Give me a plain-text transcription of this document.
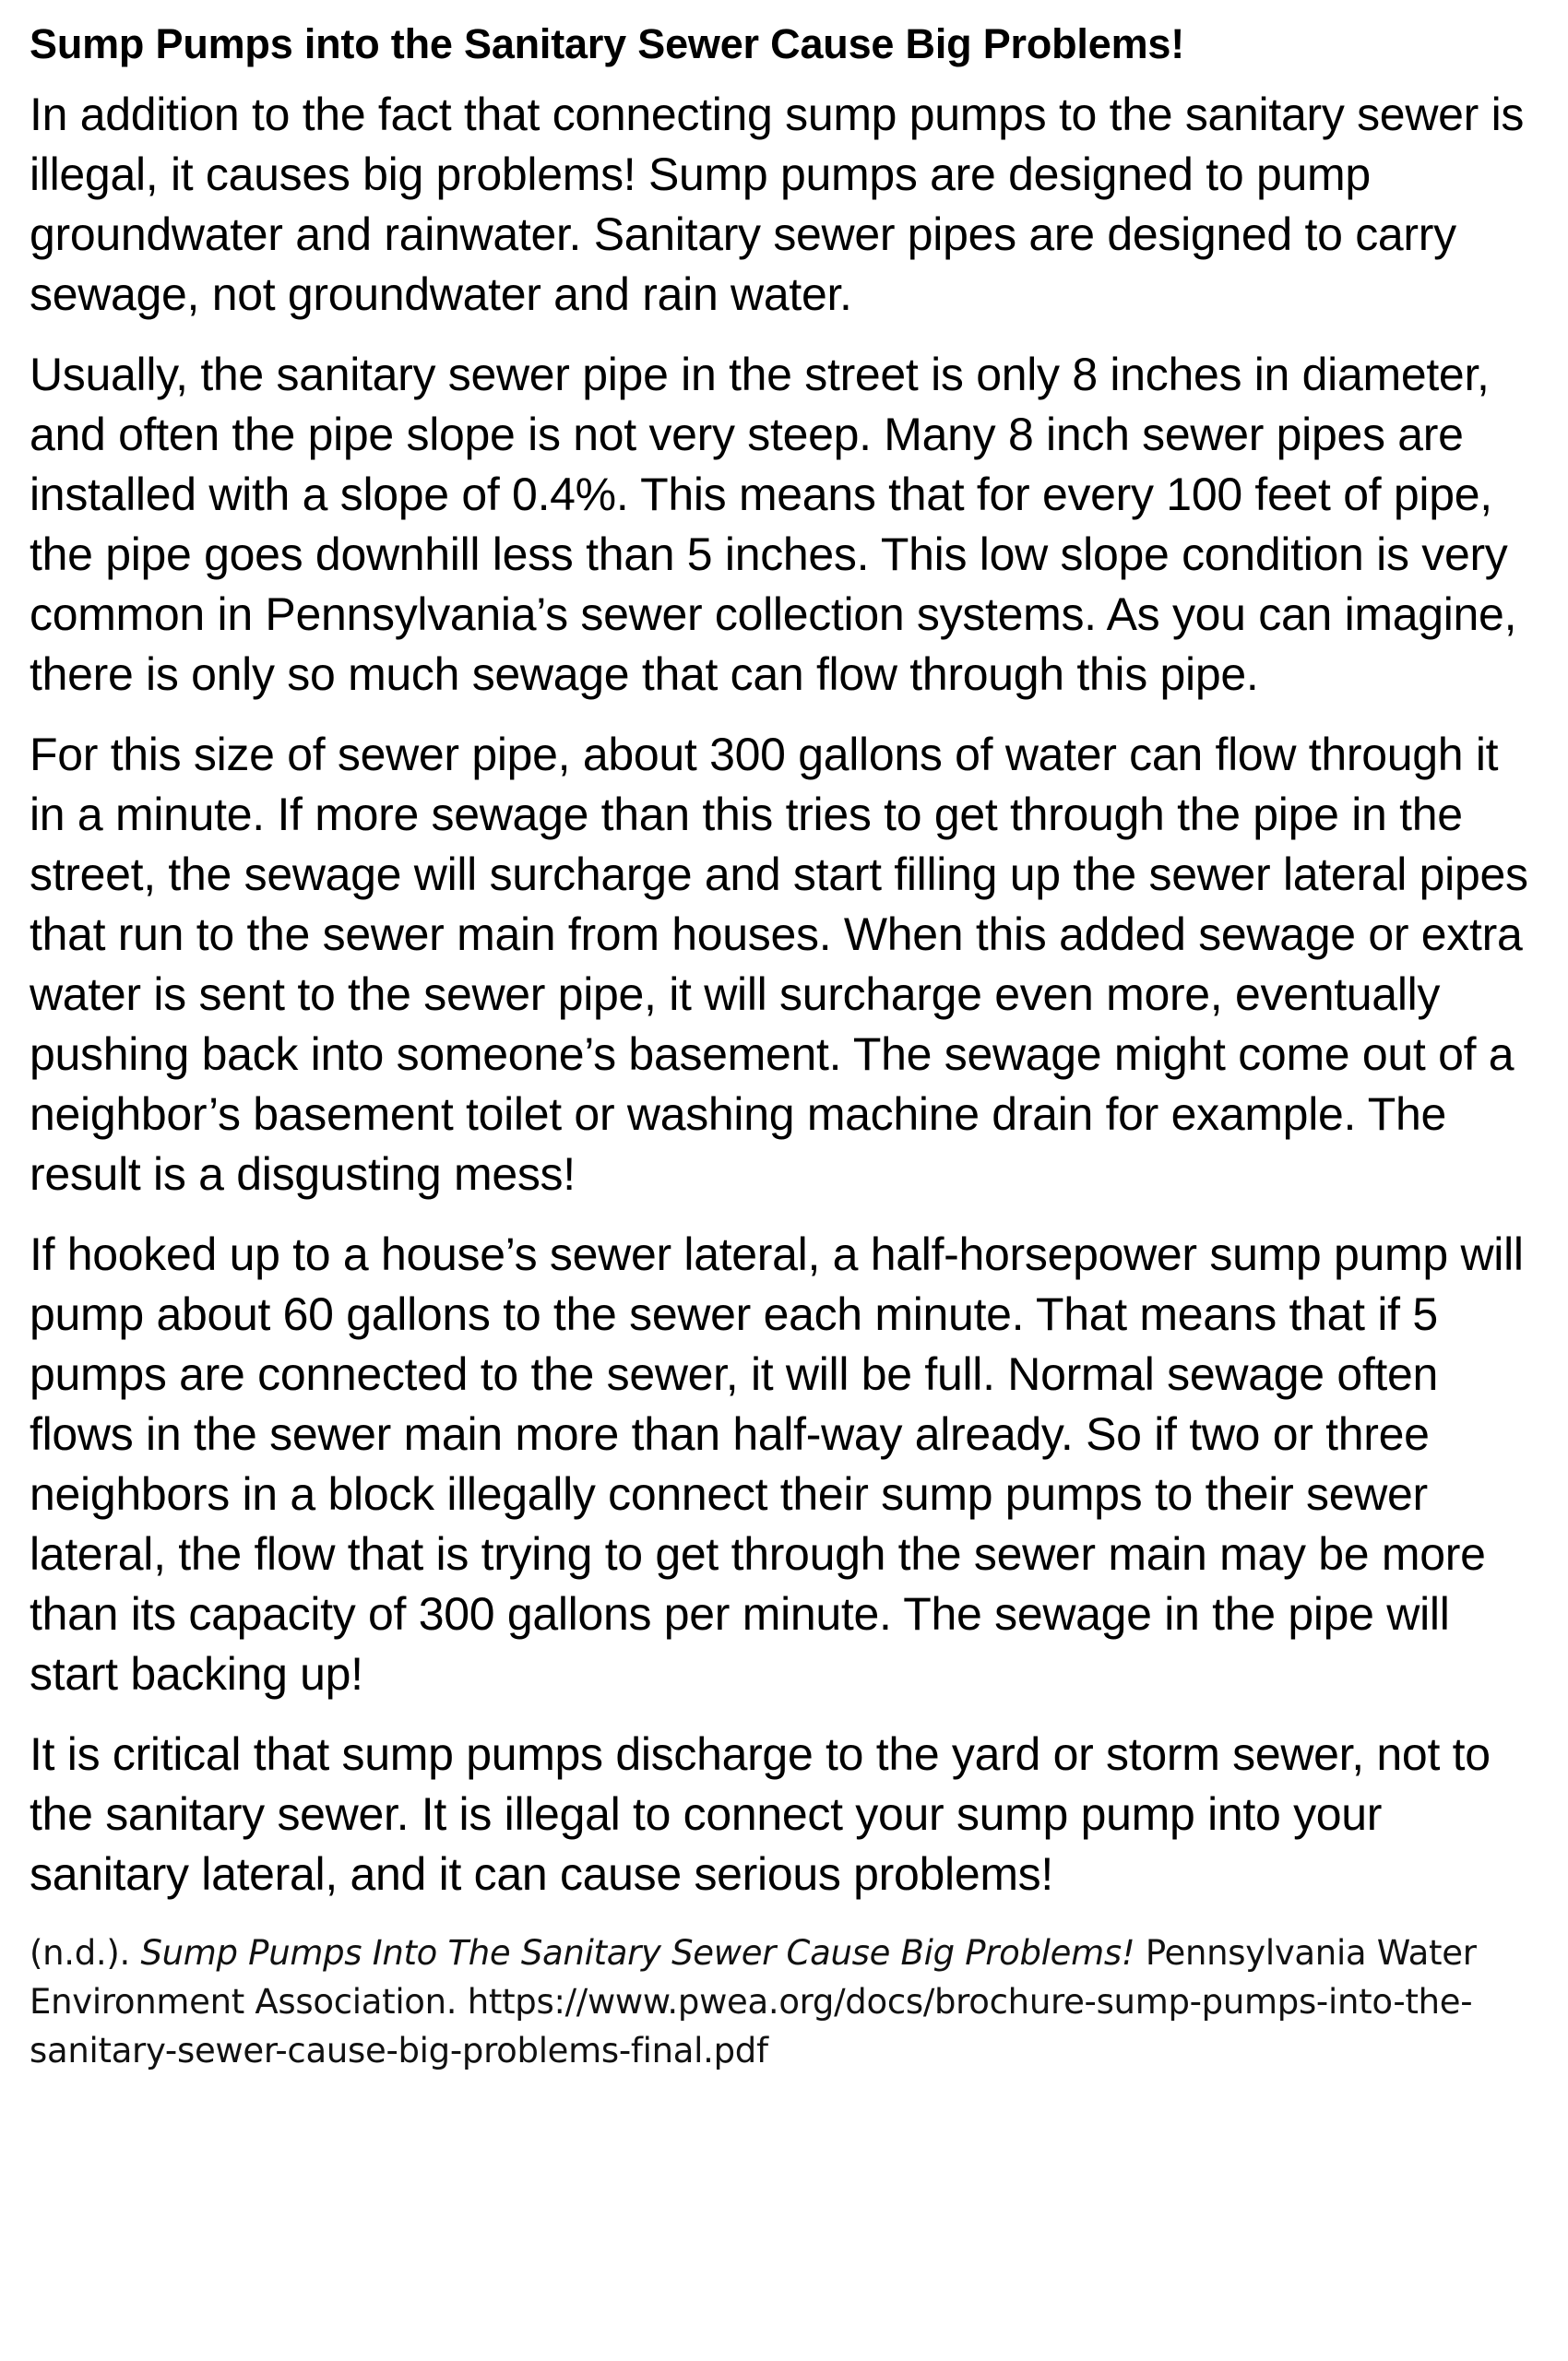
Sump Pumps into the Sanitary Sewer Cause Big Problems!

In addition to the fact that connecting sump pumps to the sanitary sewer is illegal, it causes big problems! Sump pumps are designed to pump groundwater and rainwater. Sanitary sewer pipes are designed to carry sewage, not groundwater and rain water.

Usually, the sanitary sewer pipe in the street is only 8 inches in diameter, and often the pipe slope is not very steep. Many 8 inch sewer pipes are installed with a slope of 0.4%. This means that for every 100 feet of pipe, the pipe goes downhill less than 5 inches. This low slope condition is very common in Pennsylvania’s sewer collection systems. As you can imagine, there is only so much sewage that can flow through this pipe.

For this size of sewer pipe, about 300 gallons of water can flow through it in a minute. If more sewage than this tries to get through the pipe in the street, the sewage will surcharge and start filling up the sewer lateral pipes that run to the sewer main from houses. When this added sewage or extra water is sent to the sewer pipe, it will surcharge even more, eventually pushing back into someone’s basement. The sewage might come out of a neighbor’s basement toilet or washing machine drain for example. The result is a disgusting mess!

If hooked up to a house’s sewer lateral, a half-horsepower sump pump will pump about 60 gallons to the sewer each minute. That means that if 5 pumps are connected to the sewer, it will be full. Normal sewage often flows in the sewer main more than half-way already. So if two or three neighbors in a block illegally connect their sump pumps to their sewer lateral, the flow that is trying to get through the sewer main may be more than its capacity of 300 gallons per minute. The sewage in the pipe will start backing up!

It is critical that sump pumps discharge to the yard or storm sewer, not to the sanitary sewer. It is illegal to connect your sump pump into your sanitary lateral, and it can cause serious problems!

(n.d.). Sump Pumps Into The Sanitary Sewer Cause Big Problems! Pennsylvania Water Environment Association. https://www.pwea.org/docs/brochure-sump-pumps-into-the-sanitary-sewer-cause-big-problems-final.pdf
